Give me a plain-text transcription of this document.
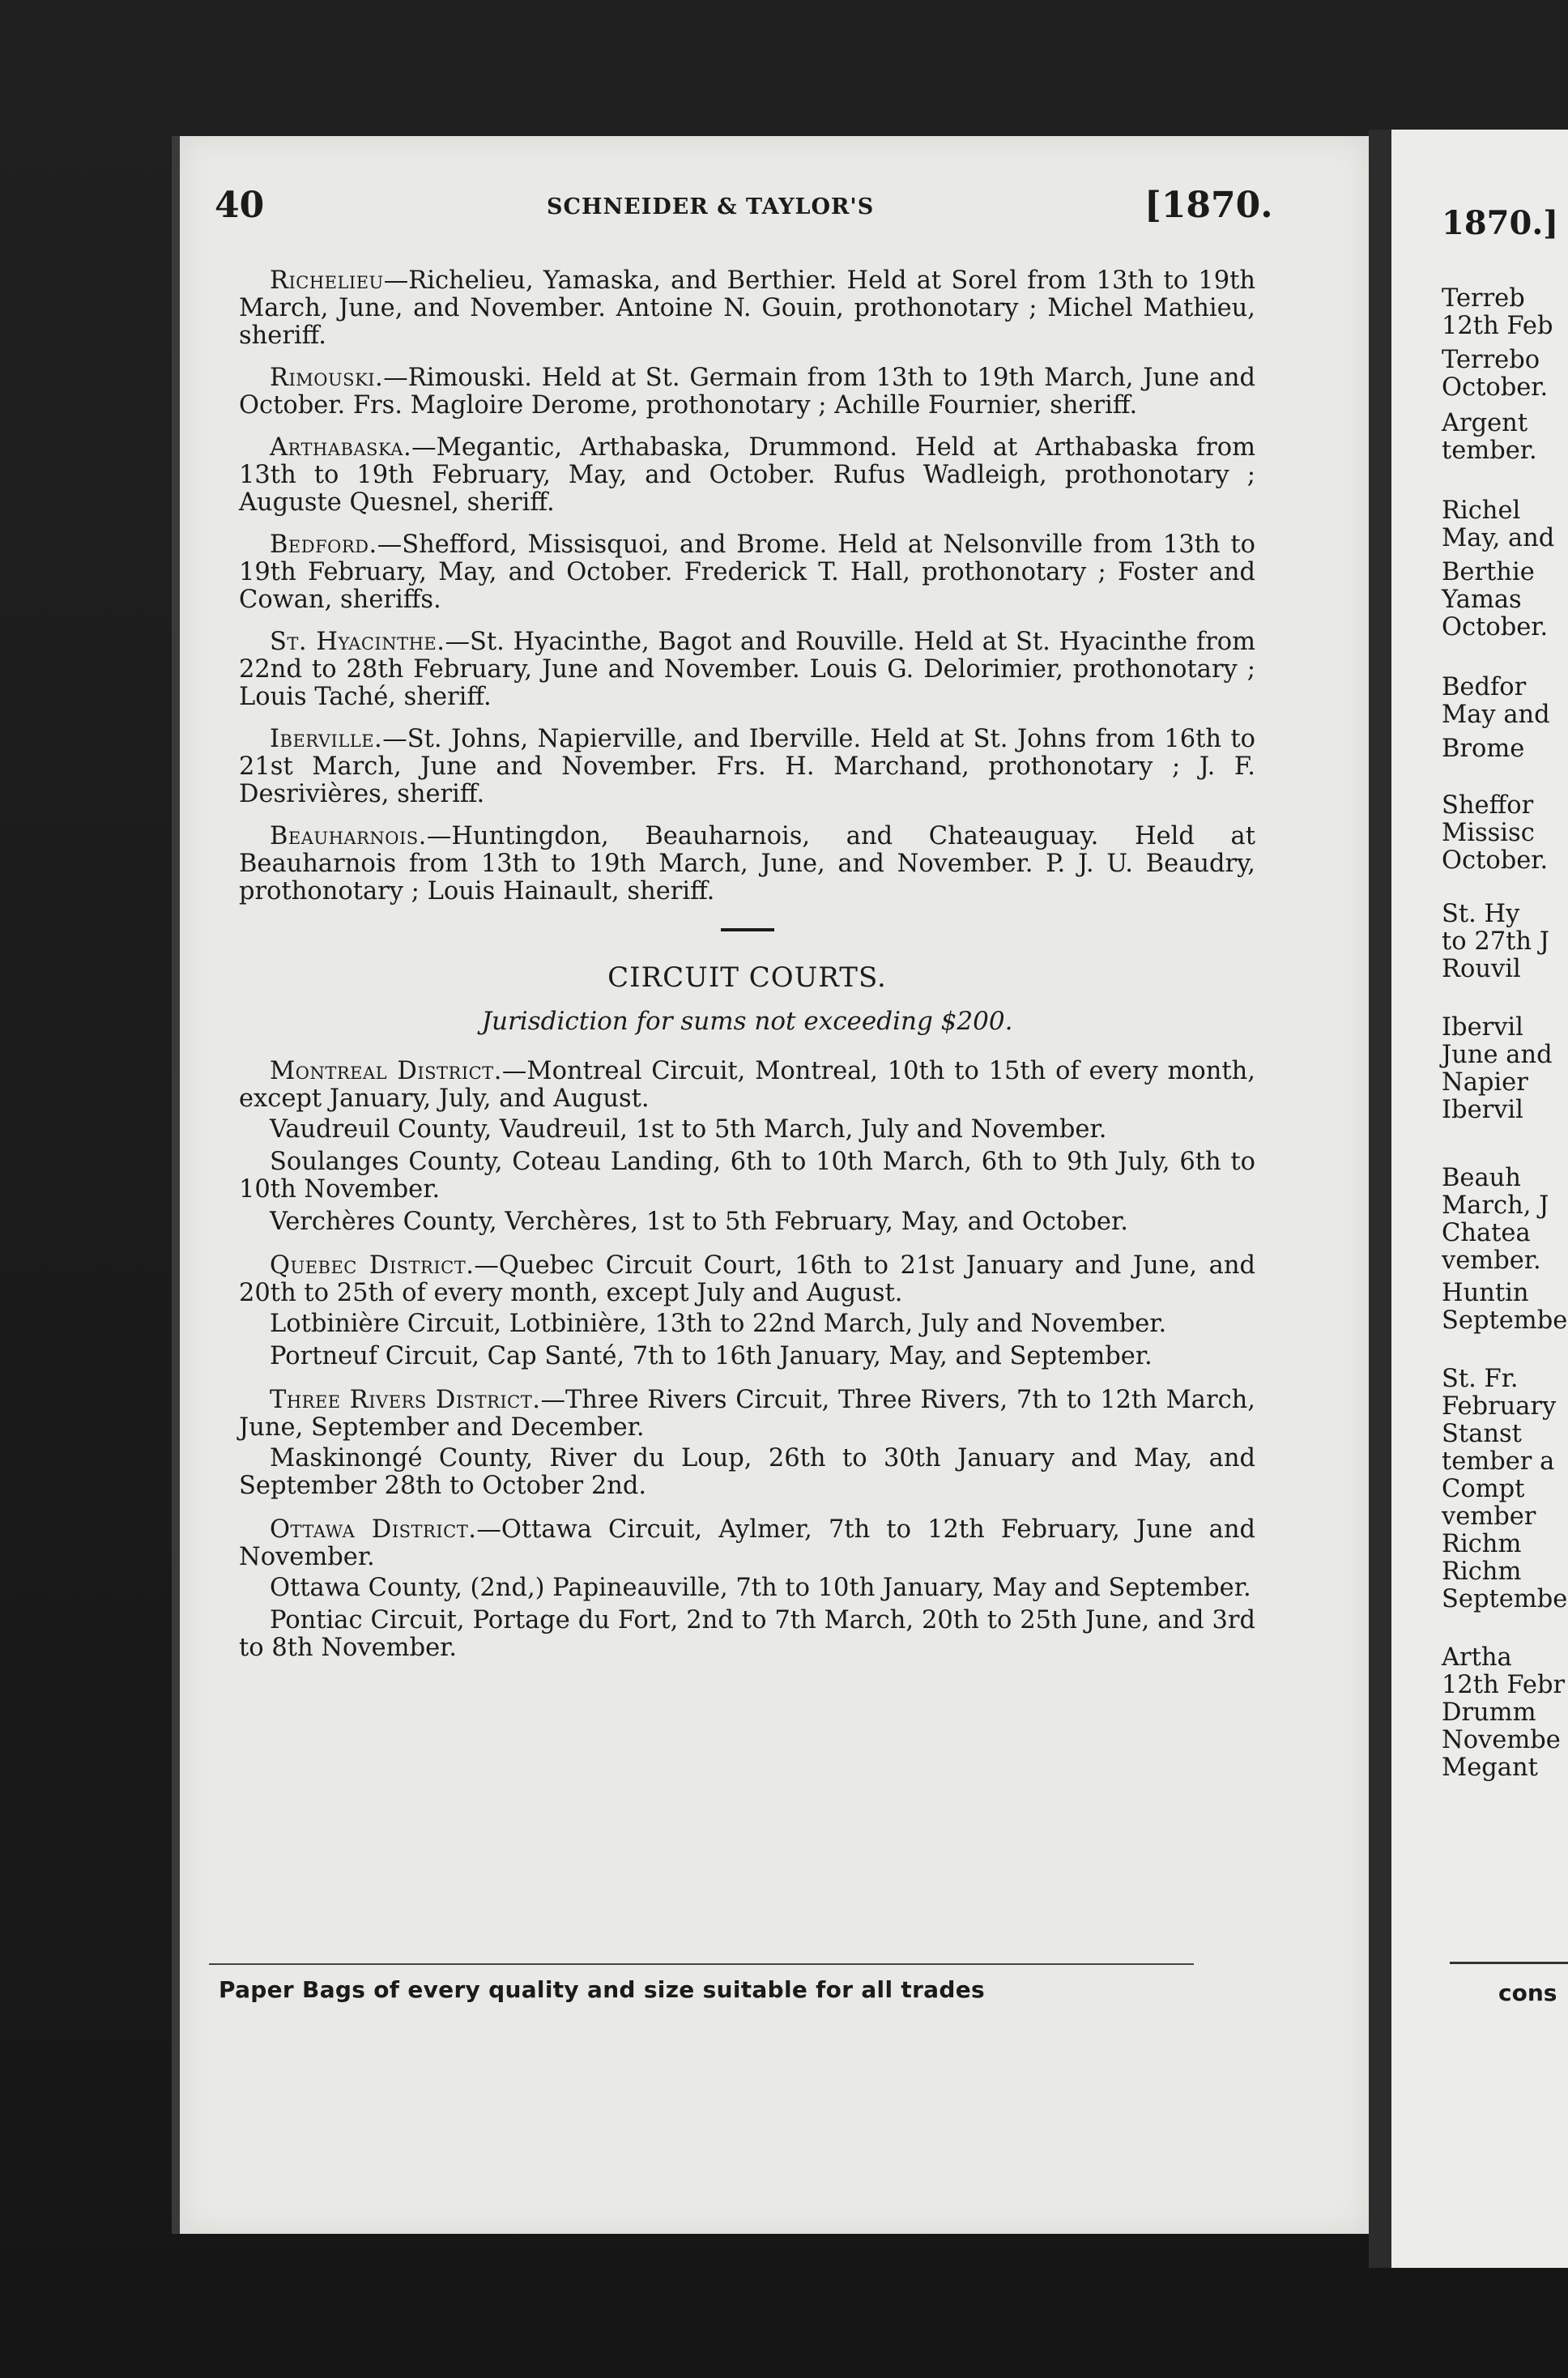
40	SCHNEIDER & TAYLOR'S	[1870.

Richelieu—Richelieu, Yamaska, and Berthier. Held at Sorel from 13th to 19th March, June, and November. Antoine N. Gouin, prothonotary ; Michel Mathieu, sheriff.

Rimouski.—Rimouski. Held at St. Germain from 13th to 19th March, June and October. Frs. Magloire Derome, prothonotary ; Achille Fournier, sheriff.

Arthabaska.—Megantic, Arthabaska, Drummond. Held at Arthabaska from 13th to 19th February, May, and October. Rufus Wadleigh, prothonotary ; Auguste Quesnel, sheriff.

Bedford.—Shefford, Missisquoi, and Brome. Held at Nelsonville from 13th to 19th February, May, and October. Frederick T. Hall, prothonotary ; Foster and Cowan, sheriffs.

St. Hyacinthe.—St. Hyacinthe, Bagot and Rouville. Held at St. Hyacinthe from 22nd to 28th February, June and November. Louis G. Delorimier, prothonotary ; Louis Taché, sheriff.

Iberville.—St. Johns, Napierville, and Iberville. Held at St. Johns from 16th to 21st March, June and November. Frs. H. Marchand, prothonotary ; J. F. Desrivières, sheriff.

Beauharnois.—Huntingdon, Beauharnois, and Chateauguay. Held at Beauharnois from 13th to 19th March, June, and November. P. J. U. Beaudry, prothonotary ; Louis Hainault, sheriff.

CIRCUIT COURTS.
Jurisdiction for sums not exceeding $200.

Montreal District.—Montreal Circuit, Montreal, 10th to 15th of every month, except January, July, and August.

Vaudreuil County, Vaudreuil, 1st to 5th March, July and November.

Soulanges County, Coteau Landing, 6th to 10th March, 6th to 9th July, 6th to 10th November.

Verchères County, Verchères, 1st to 5th February, May, and October.

Quebec District.—Quebec Circuit Court, 16th to 21st January and June, and 20th to 25th of every month, except July and August.

Lotbinière Circuit, Lotbinière, 13th to 22nd March, July and November.

Portneuf Circuit, Cap Santé, 7th to 16th January, May, and September.

Three Rivers District.—Three Rivers Circuit, Three Rivers, 7th to 12th March, June, September and December.

Maskinongé County, River du Loup, 26th to 30th January and May, and September 28th to October 2nd.

Ottawa District.—Ottawa Circuit, Aylmer, 7th to 12th February, June and November.

Ottawa County, (2nd,) Papineauville, 7th to 10th January, May and September.

Pontiac Circuit, Portage du Fort, 2nd to 7th March, 20th to 25th June, and 3rd to 8th November.

Paper Bags of every quality and size suitable for all trades
1870.]
Terreb
12th Feb
Terrebo
October.
Argent
tember.
Richel
May, and
Berthie
Yamas
October.
Bedfor
May and
Brome
Sheffor
Missisc
October.
St. Hy
to 27th J
Rouvil
Ibervil
June and
Napier
Ibervil
Beauh
March, J
Chatea
vember.
Huntin
Septembe
St. Fr.
February
Stanst
tember a
Compt
vember
Richm
Richm
Septembe
Artha
12th Febr
Drumm
Novembe
Megant
cons
